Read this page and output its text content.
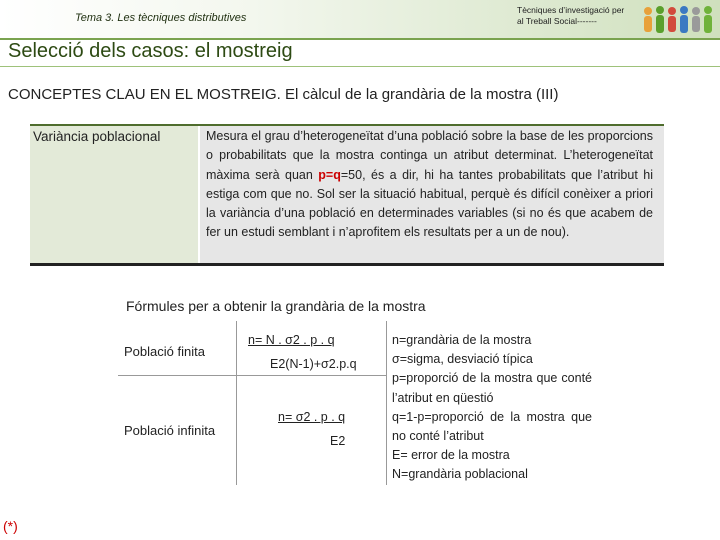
Tema 3. Les tècniques distributives
Tècniques d’investigació per
al Treball Social-------
Selecció dels casos: el mostreig
CONCEPTES CLAU EN EL MOSTREIG. El càlcul de la grandària de la mostra (III)
Variància poblacional	Mesura el grau d’heterogeneïtat d’una població sobre la base de les proporcions o probabilitats que la mostra continga un atribut determinat. L’heterogeneïtat màxima serà quan p=q=50, és a dir, hi ha tantes probabilitats que l’atribut hi estiga com que no. Sol ser la situació habitual, perquè és difícil conèixer a priori la variància d’una població en determinades variables (si no és que acabem de fer un estudi semblant i n’aprofitem els resultats per a un de nou).
Fórmules per a obtenir la grandària de la mostra
Població finita
n= N . σ2 . p . q
E2(N-1)+σ2.p.q
Població infinita
n= σ2 . p . q
E2
n=grandària de la mostra
σ=sigma, desviació típica
p=proporció de la mostra que conté l’atribut en qüestió
q=1-p=proporció de la mostra que no conté l’atribut
E= error de la mostra
N=grandària poblacional
(*)
